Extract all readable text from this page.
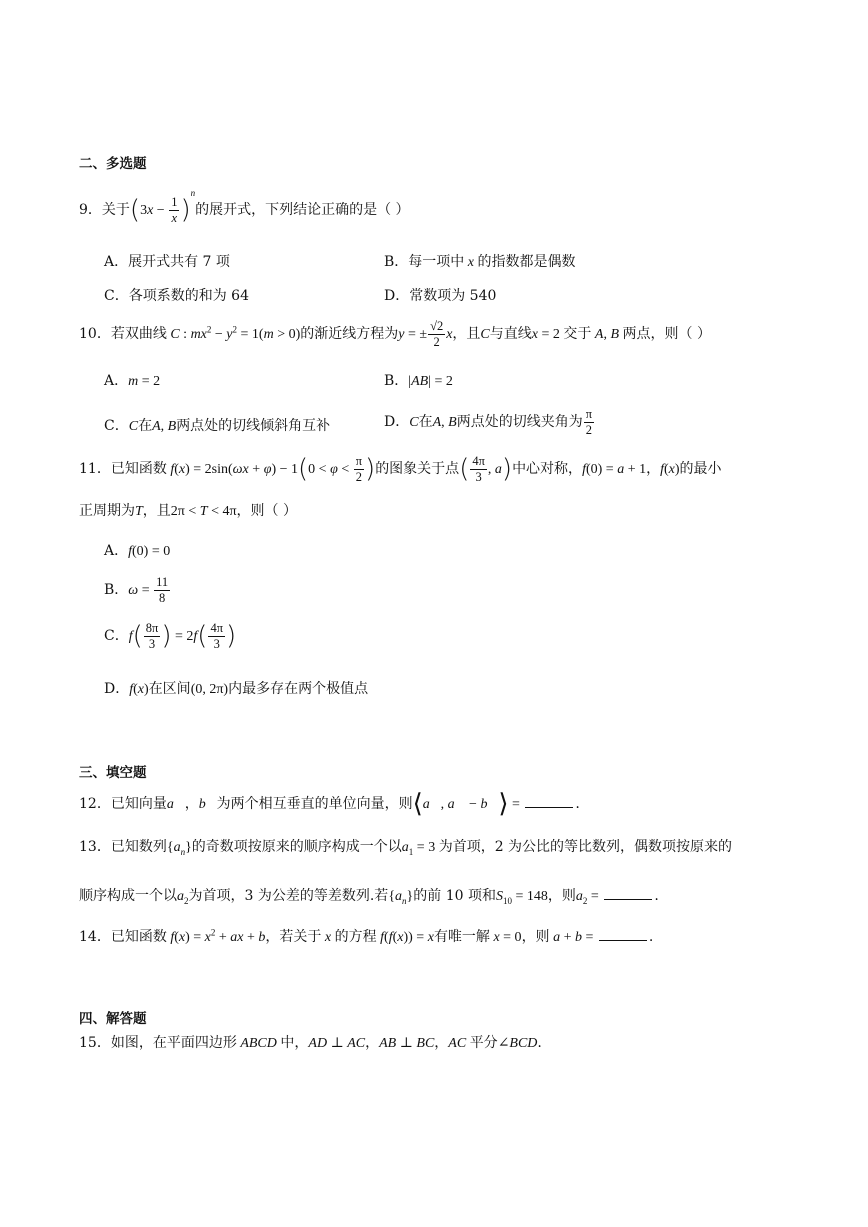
二、多选题
9．关于$(3x - \frac{1}{x} )^n$的展开式，下列结论正确的是（ ）
A．展开式共有 7 项	B．每一项中 x 的指数都是偶数
C．各项系数的和为 64	D．常数项为 540
10．若双曲线 C : $mx^2 - y^2 = 1(m > 0)$的渐近线方程为y = ± $\frac{√2}{2}$ x，且C与直线x = 2 交于 A, B 两点，则（ ）
A．m = 2	B．|AB| = 2
C．C在A, B两点处的切线倾斜角互补	D．C在A, B两点处的切线夹角为 $\frac{\pi}{2}$
11．已知函数 $f(x) = 2\sin(\omega x + \varphi) - 1(0 < \varphi < \frac{\pi}{2}$ )的图象关于点( $\frac{4\pi}{3}$ , a)中心对称，f(0) = a + 1，f(x)的最小
正周期为T，且2π < T < 4π，则（ ）
A．f(0) = 0
B．$\omega = \frac{11}{8}$
C．$f( \frac{8\pi}{3}$ ) = $2f( \frac{4\pi}{3}$ )
D．f(x)在区间(0, 2π)内最多存在两个极值点
三、填空题
12．已知向量a⃗，b⃗为两个相互垂直的单位向量，则⟨a⃗, a⃗ − b⃗⟩ =	.
13．已知数列$\{a_n\}$的奇数项按原来的顺序构成一个以$a_1 = 3$ 为首项，2 为公比的等比数列，偶数项按原来的
顺序构成一个以$a_2$为首项，3 为公差的等差数列.若$\{a_n\}$的前 10 项和$S_{10} = 148$，则$a_2$ =	.
14．已知函数 $f(x) = x^2$ + ax + b，若关于 x 的方程 f(f(x)) = x有唯一解 x = 0，则 a + b =	.
四、解答题
15．如图，在平面四边形 ABCD 中，AD ⊥ AC，AB ⊥ BC，AC 平分∠BCD.
